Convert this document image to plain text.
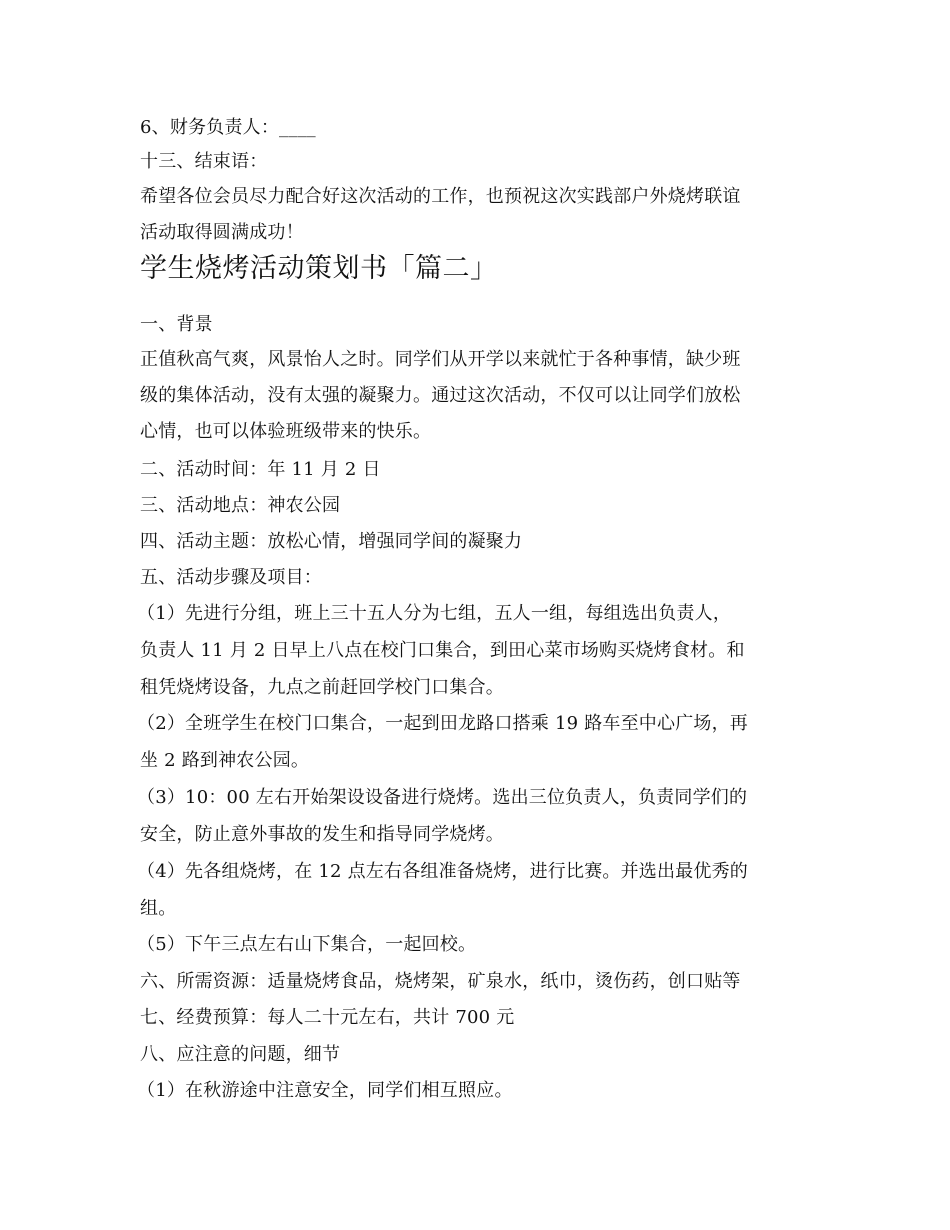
6、财务负责人：____
十三、结束语：
希望各位会员尽力配合好这次活动的工作，也预祝这次实践部户外烧烤联谊
活动取得圆满成功！
学生烧烤活动策划书「篇二」
一、背景
正值秋高气爽，风景怡人之时。同学们从开学以来就忙于各种事情，缺少班
级的集体活动，没有太强的凝聚力。通过这次活动，不仅可以让同学们放松
心情，也可以体验班级带来的快乐。
二、活动时间：年 11 月 2 日
三、活动地点：神农公园
四、活动主题：放松心情，增强同学间的凝聚力
五、活动步骤及项目：
（1）先进行分组，班上三十五人分为七组，五人一组，每组选出负责人，
负责人 11 月 2 日早上八点在校门口集合，到田心菜市场购买烧烤食材。和
租凭烧烤设备，九点之前赶回学校门口集合。
（2）全班学生在校门口集合，一起到田龙路口搭乘 19 路车至中心广场，再
坐 2 路到神农公园。
（3）10：00 左右开始架设设备进行烧烤。选出三位负责人，负责同学们的
安全，防止意外事故的发生和指导同学烧烤。
（4）先各组烧烤，在 12 点左右各组准备烧烤，进行比赛。并选出最优秀的
组。
（5）下午三点左右山下集合，一起回校。
六、所需资源：适量烧烤食品，烧烤架，矿泉水，纸巾，烫伤药，创口贴等
七、经费预算：每人二十元左右，共计 700 元
八、应注意的问题，细节
（1）在秋游途中注意安全，同学们相互照应。
